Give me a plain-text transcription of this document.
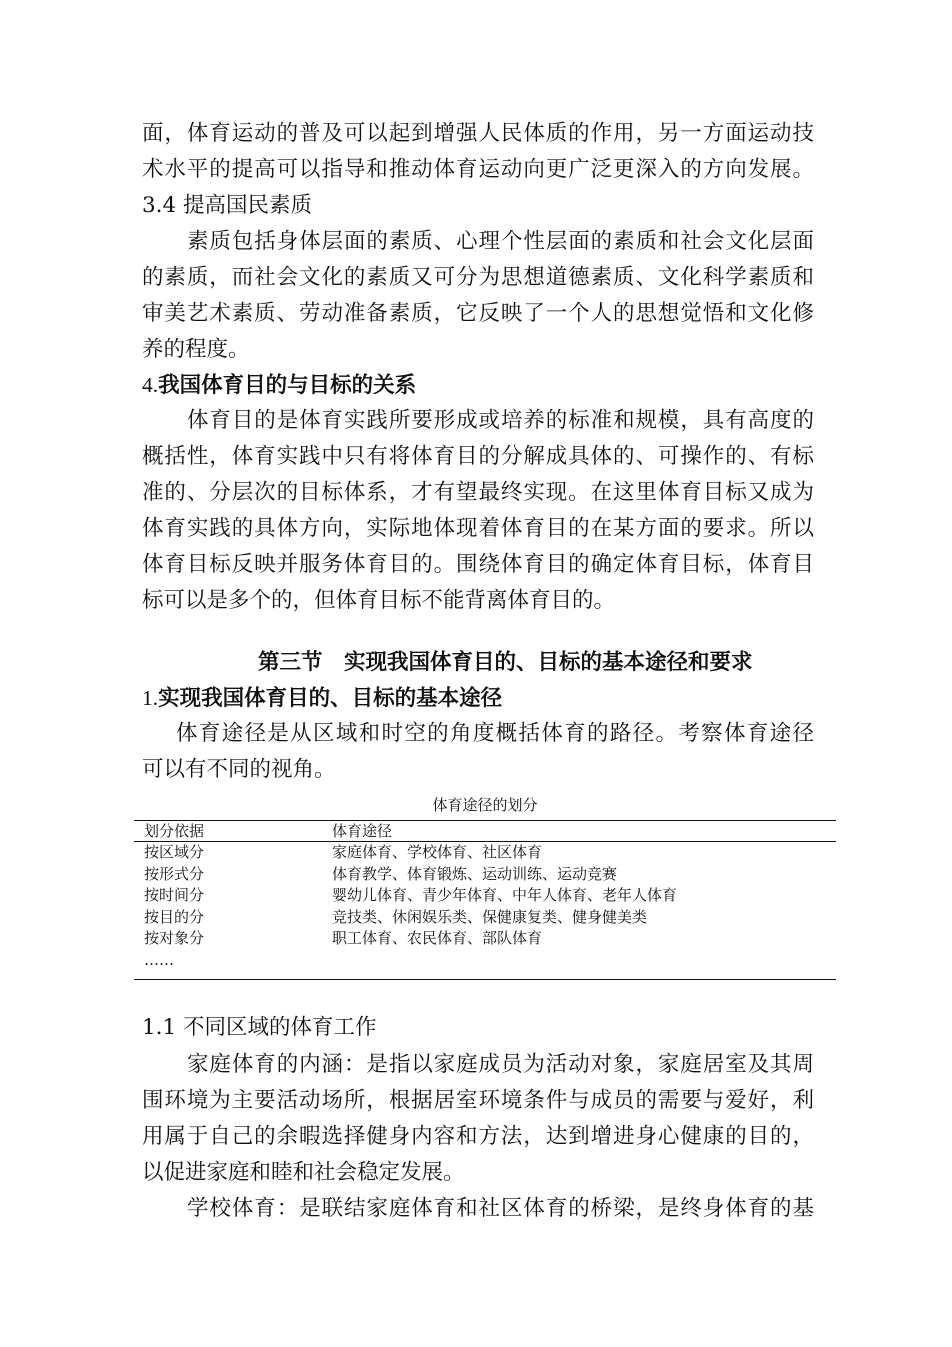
面，体育运动的普及可以起到增强人民体质的作用，另一方面运动技
术水平的提高可以指导和推动体育运动向更广泛更深入的方向发展。
3.4 提高国民素质
素质包括身体层面的素质、心理个性层面的素质和社会文化层面
的素质，而社会文化的素质又可分为思想道德素质、文化科学素质和
审美艺术素质、劳动准备素质，它反映了一个人的思想觉悟和文化修
养的程度。
4.我国体育目的与目标的关系
体育目的是体育实践所要形成或培养的标准和规模，具有高度的
概括性，体育实践中只有将体育目的分解成具体的、可操作的、有标
准的、分层次的目标体系，才有望最终实现。在这里体育目标又成为
体育实践的具体方向，实际地体现着体育目的在某方面的要求。所以
体育目标反映并服务体育目的。围绕体育目的确定体育目标，体育目
标可以是多个的，但体育目标不能背离体育目的。
第三节　实现我国体育目的、目标的基本途径和要求
1.实现我国体育目的、目标的基本途径
体育途径是从区域和时空的角度概括体育的路径。考察体育途径
可以有不同的视角。
体育途径的划分
划分依据	体育途径
按区域分	家庭体育、学校体育、社区体育
按形式分	体育教学、体育锻炼、运动训练、运动竞赛
按时间分	婴幼儿体育、青少年体育、中年人体育、老年人体育
按目的分	竞技类、休闲娱乐类、保健康复类、健身健美类
按对象分	职工体育、农民体育、部队体育
……
1.1 不同区域的体育工作
家庭体育的内涵：是指以家庭成员为活动对象，家庭居室及其周
围环境为主要活动场所，根据居室环境条件与成员的需要与爱好，利
用属于自己的余暇选择健身内容和方法，达到增进身心健康的目的，
以促进家庭和睦和社会稳定发展。
学校体育：是联结家庭体育和社区体育的桥梁，是终身体育的基
